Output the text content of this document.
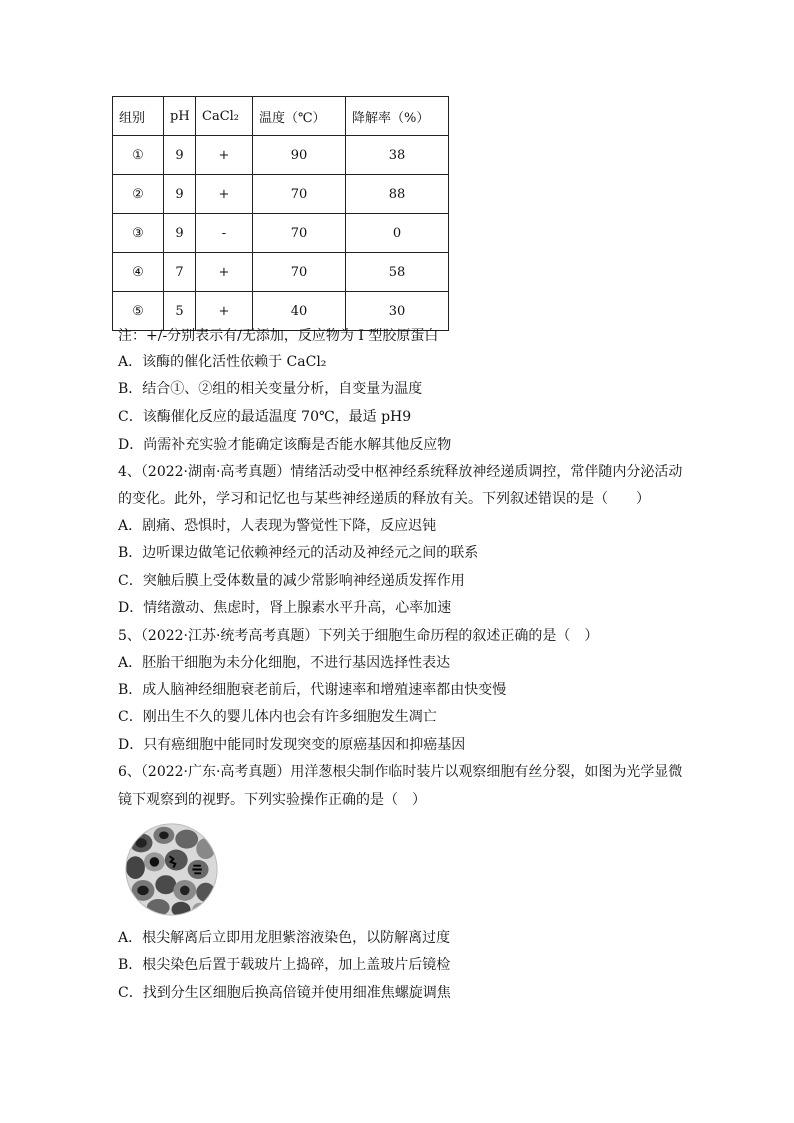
组别	pH	CaCl₂	温度（℃）	降解率（%）
①	9	+	90	38
②	9	+	70	88
③	9	-	70	0
④	7	+	70	58
⑤	5	+	40	30
注：+/-分别表示有/无添加，反应物为 I 型胶原蛋白
A．该酶的催化活性依赖于 CaCl₂
B．结合①、②组的相关变量分析，自变量为温度
C．该酶催化反应的最适温度 70℃，最适 pH9
D．尚需补充实验才能确定该酶是否能水解其他反应物
4、（2022·湖南·高考真题）情绪活动受中枢神经系统释放神经递质调控，常伴随内分泌活动
的变化。此外，学习和记忆也与某些神经递质的释放有关。下列叙述错误的是（　　）
A．剧痛、恐惧时，人表现为警觉性下降，反应迟钝
B．边听课边做笔记依赖神经元的活动及神经元之间的联系
C．突触后膜上受体数量的减少常影响神经递质发挥作用
D．情绪激动、焦虑时，肾上腺素水平升高，心率加速
5、（2022·江苏·统考高考真题）下列关于细胞生命历程的叙述正确的是（　）
A．胚胎干细胞为未分化细胞，不进行基因选择性表达
B．成人脑神经细胞衰老前后，代谢速率和增殖速率都由快变慢
C．刚出生不久的婴儿体内也会有许多细胞发生凋亡
D．只有癌细胞中能同时发现突变的原癌基因和抑癌基因
6、（2022·广东·高考真题）用洋葱根尖制作临时装片以观察细胞有丝分裂，如图为光学显微
镜下观察到的视野。下列实验操作正确的是（　）
A．根尖解离后立即用龙胆紫溶液染色，以防解离过度
B．根尖染色后置于载玻片上捣碎，加上盖玻片后镜检
C．找到分生区细胞后换高倍镜并使用细准焦螺旋调焦
